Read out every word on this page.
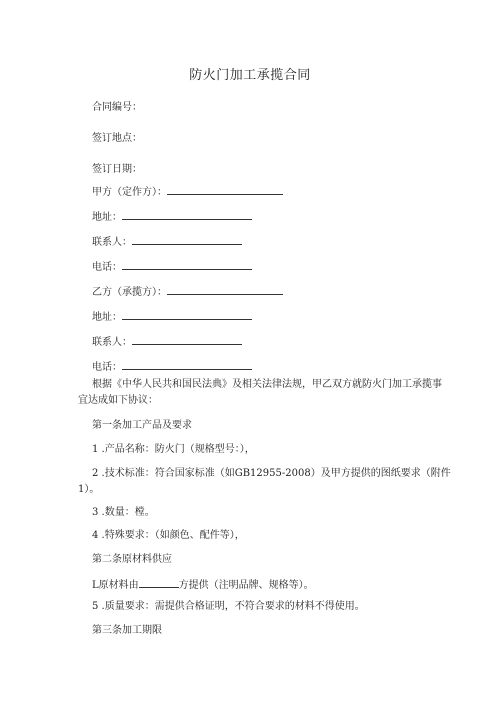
防火门加工承揽合同
合同编号：
签订地点：
签订日期：
甲方（定作方）：
地址：
联系人：
电话：
乙方（承揽方）：
地址：
联系人：
电话：
根据《中华人民共和国民法典》及相关法律法规，甲乙双方就防火门加工承揽事
宜达成如下协议：
第一条加工产品及要求
1 .产品名称：防火门（规格型号：），
2 .技术标准：符合国家标准（如GB12955-2008）及甲方提供的图纸要求（附件
1）。
3 .数量：樘。
4 .特殊要求：（如颜色、配件等），
第二条原材料供应
L原材料由	方提供（注明品牌、规格等）。
5 .质量要求：需提供合格证明，不符合要求的材料不得使用。
第三条加工期限
